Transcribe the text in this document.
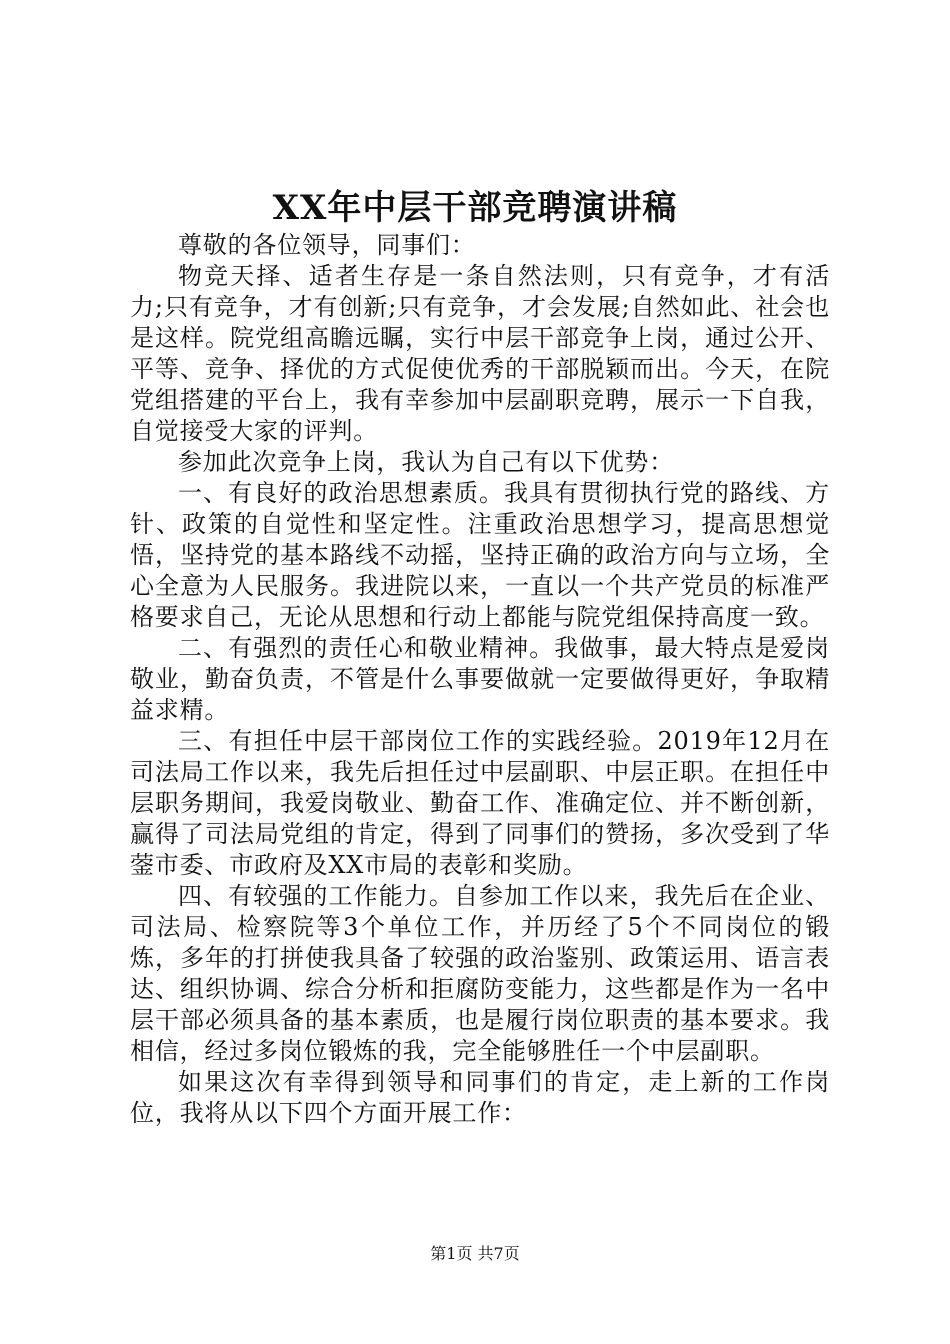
XX年中层干部竞聘演讲稿

尊敬的各位领导，同事们：

物竞天择、适者生存是一条自然法则，只有竞争，才有活力;只有竞争，才有创新;只有竞争，才会发展;自然如此、社会也是这样。院党组高瞻远瞩，实行中层干部竞争上岗，通过公开、平等、竞争、择优的方式促使优秀的干部脱颖而出。今天，在院党组搭建的平台上，我有幸参加中层副职竞聘，展示一下自我，自觉接受大家的评判。

参加此次竞争上岗，我认为自己有以下优势：

一、有良好的政治思想素质。我具有贯彻执行党的路线、方针、政策的自觉性和坚定性。注重政治思想学习，提高思想觉悟，坚持党的基本路线不动摇，坚持正确的政治方向与立场，全心全意为人民服务。我进院以来，一直以一个共产党员的标准严格要求自己，无论从思想和行动上都能与院党组保持高度一致。

二、有强烈的责任心和敬业精神。我做事，最大特点是爱岗敬业，勤奋负责，不管是什么事要做就一定要做得更好，争取精益求精。

三、有担任中层干部岗位工作的实践经验。2019年12月在司法局工作以来，我先后担任过中层副职、中层正职。在担任中层职务期间，我爱岗敬业、勤奋工作、准确定位、并不断创新，赢得了司法局党组的肯定，得到了同事们的赞扬，多次受到了华蓥市委、市政府及XX市局的表彰和奖励。

四、有较强的工作能力。自参加工作以来，我先后在企业、司法局、检察院等3个单位工作，并历经了5个不同岗位的锻炼，多年的打拼使我具备了较强的政治鉴别、政策运用、语言表达、组织协调、综合分析和拒腐防变能力，这些都是作为一名中层干部必须具备的基本素质，也是履行岗位职责的基本要求。我相信，经过多岗位锻炼的我，完全能够胜任一个中层副职。

如果这次有幸得到领导和同事们的肯定，走上新的工作岗位，我将从以下四个方面开展工作：

第1页 共7页
